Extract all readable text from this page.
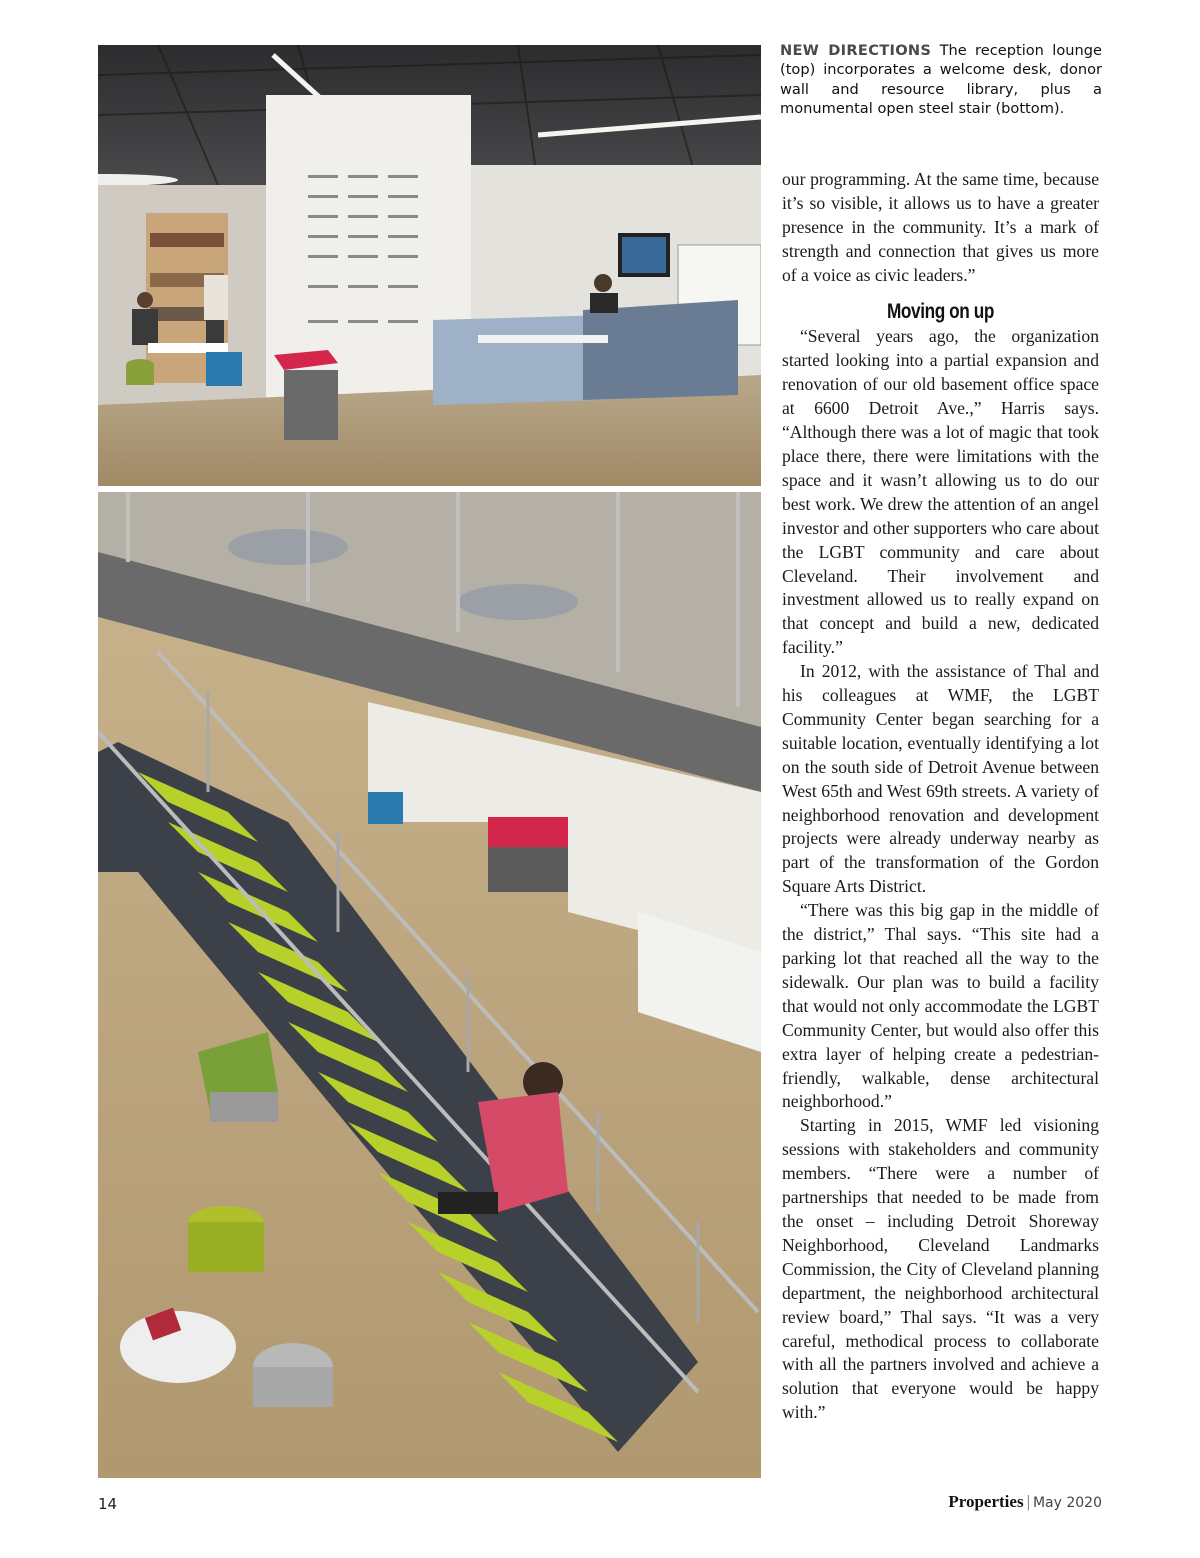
NEW DIRECTIONS The reception lounge (top) incorporates a welcome desk, donor wall and resource library, plus a monumental open steel stair (bottom).

our programming. At the same time, because it’s so visible, it allows us to have a greater presence in the community. It’s a mark of strength and connection that gives us more of a voice as civic leaders.”

Moving on up

“Several years ago, the organization started looking into a partial expansion and renovation of our old basement office space at 6600 Detroit Ave.,” Harris says. “Although there was a lot of magic that took place there, there were limitations with the space and it wasn’t allowing us to do our best work. We drew the attention of an angel investor and other supporters who care about the LGBT community and care about Cleveland. Their involvement and investment allowed us to really expand on that concept and build a new, dedicated facility.”

In 2012, with the assistance of Thal and his colleagues at WMF, the LGBT Community Center began searching for a suitable location, eventually identifying a lot on the south side of Detroit Avenue between West 65th and West 69th streets. A variety of neighborhood renovation and development projects were already underway nearby as part of the transformation of the Gordon Square Arts District.

“There was this big gap in the middle of the district,” Thal says. “This site had a parking lot that reached all the way to the sidewalk. Our plan was to build a facility that would not only accommodate the LGBT Community Center, but would also offer this extra layer of helping create a pedestrian-friendly, walkable, dense architectural neighborhood.”

Starting in 2015, WMF led visioning sessions with stakeholders and community members. “There were a number of partnerships that needed to be made from the onset – including Detroit Shoreway Neighborhood, Cleveland Landmarks Commission, the City of Cleveland planning department, the neighborhood architectural review board,” Thal says. “It was a very careful, methodical process to collaborate with all the partners involved and achieve a solution that everyone would be happy with.”

14	Properties | May 2020
